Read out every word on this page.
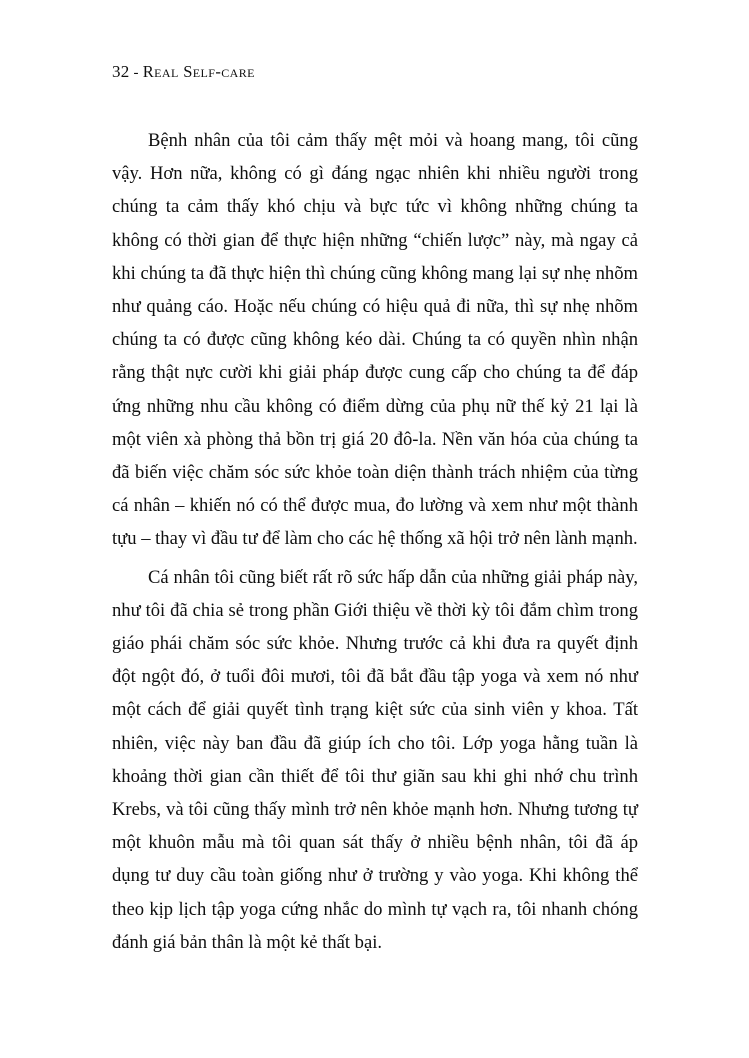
32 - Real Self-care

Bệnh nhân của tôi cảm thấy mệt mỏi và hoang mang, tôi cũng vậy. Hơn nữa, không có gì đáng ngạc nhiên khi nhiều người trong chúng ta cảm thấy khó chịu và bực tức vì không những chúng ta không có thời gian để thực hiện những “chiến lược” này, mà ngay cả khi chúng ta đã thực hiện thì chúng cũng không mang lại sự nhẹ nhõm như quảng cáo. Hoặc nếu chúng có hiệu quả đi nữa, thì sự nhẹ nhõm chúng ta có được cũng không kéo dài. Chúng ta có quyền nhìn nhận rằng thật nực cười khi giải pháp được cung cấp cho chúng ta để đáp ứng những nhu cầu không có điểm dừng của phụ nữ thế kỷ 21 lại là một viên xà phòng thả bồn trị giá 20 đô-la. Nền văn hóa của chúng ta đã biến việc chăm sóc sức khỏe toàn diện thành trách nhiệm của từng cá nhân – khiến nó có thể được mua, đo lường và xem như một thành tựu – thay vì đầu tư để làm cho các hệ thống xã hội trở nên lành mạnh.

Cá nhân tôi cũng biết rất rõ sức hấp dẫn của những giải pháp này, như tôi đã chia sẻ trong phần Giới thiệu về thời kỳ tôi đắm chìm trong giáo phái chăm sóc sức khỏe. Nhưng trước cả khi đưa ra quyết định đột ngột đó, ở tuổi đôi mươi, tôi đã bắt đầu tập yoga và xem nó như một cách để giải quyết tình trạng kiệt sức của sinh viên y khoa. Tất nhiên, việc này ban đầu đã giúp ích cho tôi. Lớp yoga hằng tuần là khoảng thời gian cần thiết để tôi thư giãn sau khi ghi nhớ chu trình Krebs, và tôi cũng thấy mình trở nên khỏe mạnh hơn. Nhưng tương tự một khuôn mẫu mà tôi quan sát thấy ở nhiều bệnh nhân, tôi đã áp dụng tư duy cầu toàn giống như ở trường y vào yoga. Khi không thể theo kịp lịch tập yoga cứng nhắc do mình tự vạch ra, tôi nhanh chóng đánh giá bản thân là một kẻ thất bại.
